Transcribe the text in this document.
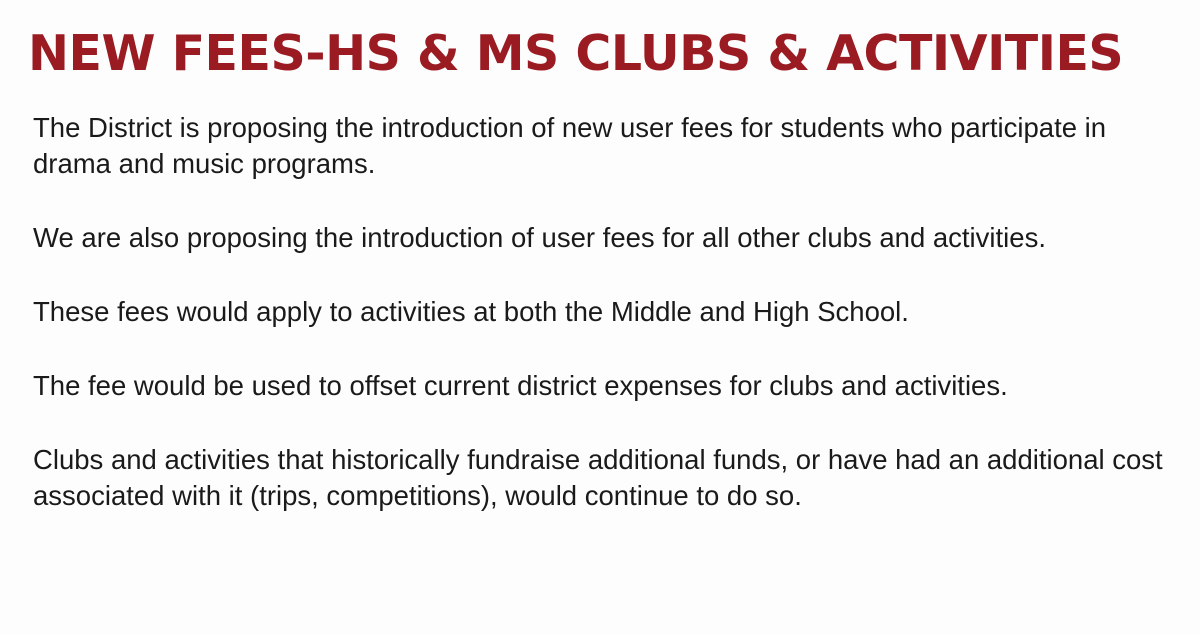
NEW FEES-HS & MS CLUBS & ACTIVITIES

The District is proposing the introduction of new user fees for students who participate in drama and music programs.

We are also proposing the introduction of user fees for all other clubs and activities.

These fees would apply to activities at both the Middle and High School.

The fee would be used to offset current district expenses for clubs and activities.

Clubs and activities that historically fundraise additional funds, or have had an additional cost associated with it (trips, competitions), would continue to do so.
